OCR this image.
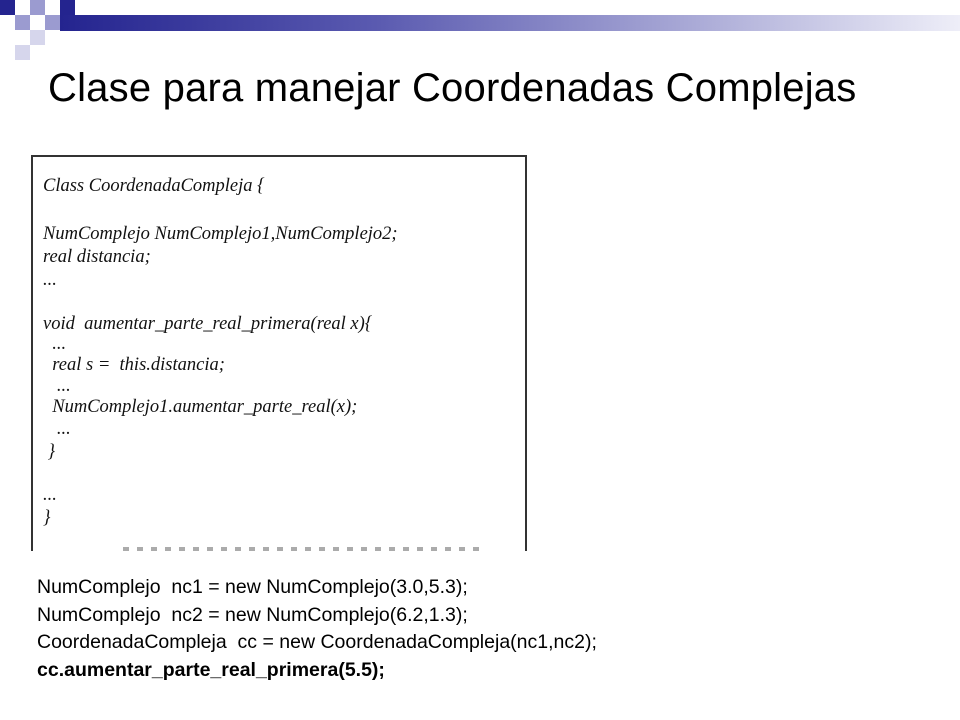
Clase para manejar Coordenadas Complejas

Class CoordenadaCompleja {

NumComplejo NumComplejo1,NumComplejo2;

real distancia;

...

void  aumentar_parte_real_primera(real x){

...

real s =  this.distancia;

...

NumComplejo1.aumentar_parte_real(x);

...

}

...

}

NumComplejo  nc1 = new NumComplejo(3.0,5.3);

NumComplejo  nc2 = new NumComplejo(6.2,1.3);

CoordenadaCompleja  cc = new CoordenadaCompleja(nc1,nc2);

cc.aumentar_parte_real_primera(5.5);
